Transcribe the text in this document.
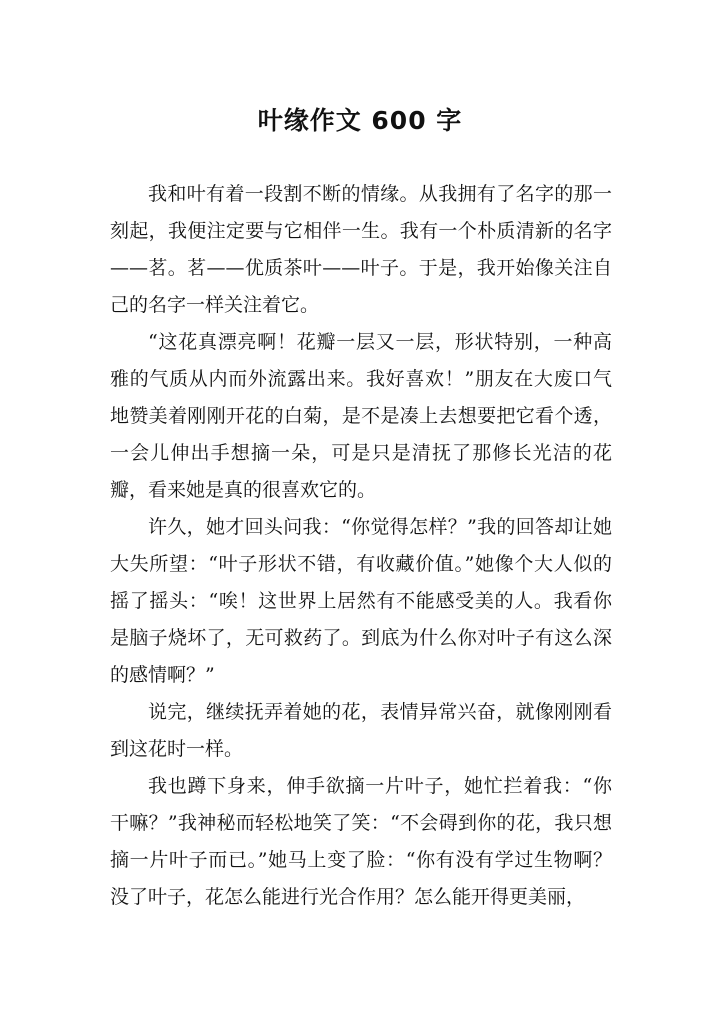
叶缘作文 600 字

我和叶有着一段割不断的情缘。从我拥有了名字的那一刻起，我便注定要与它相伴一生。我有一个朴质清新的名字——茗。茗——优质茶叶——叶子。于是，我开始像关注自己的名字一样关注着它。

“这花真漂亮啊！花瓣一层又一层，形状特别，一种高雅的气质从内而外流露出来。我好喜欢！”朋友在大废口气地赞美着刚刚开花的白菊，是不是凑上去想要把它看个透，一会儿伸出手想摘一朵，可是只是清抚了那修长光洁的花瓣，看来她是真的很喜欢它的。

许久，她才回头问我：“你觉得怎样？”我的回答却让她大失所望：“叶子形状不错，有收藏价值。”她像个大人似的摇了摇头：“唉！这世界上居然有不能感受美的人。我看你是脑子烧坏了，无可救药了。到底为什么你对叶子有这么深的感情啊？”

说完，继续抚弄着她的花，表情异常兴奋，就像刚刚看到这花时一样。

我也蹲下身来，伸手欲摘一片叶子，她忙拦着我：“你干嘛？”我神秘而轻松地笑了笑：“不会碍到你的花，我只想摘一片叶子而已。”她马上变了脸：“你有没有学过生物啊？没了叶子，花怎么能进行光合作用？怎么能开得更美丽，
